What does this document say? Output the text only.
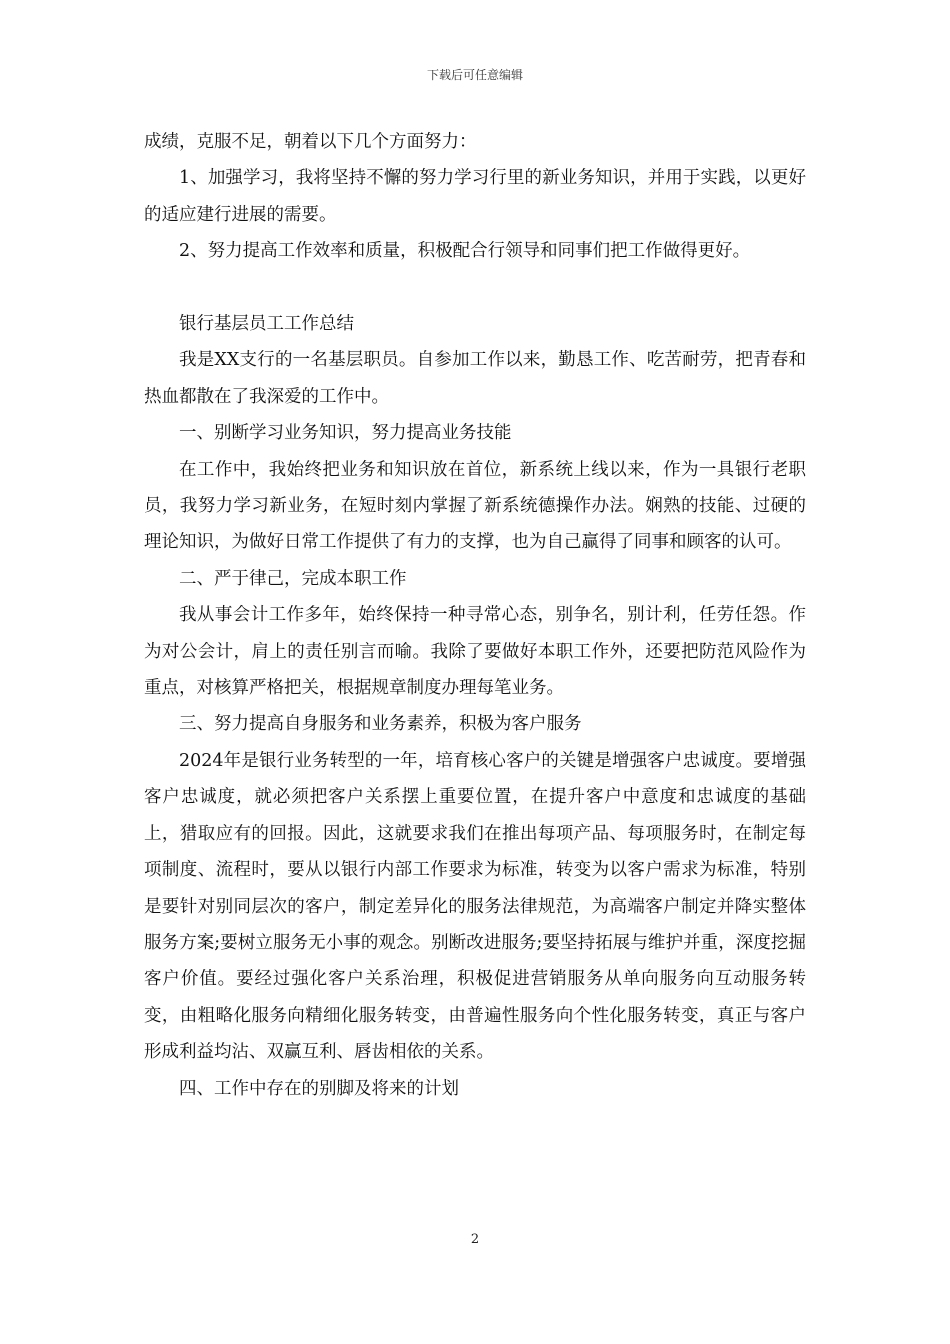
下载后可任意编辑

成绩，克服不足，朝着以下几个方面努力：

1、加强学习，我将坚持不懈的努力学习行里的新业务知识，并用于实践，以更好的适应建行进展的需要。

2、努力提高工作效率和质量，积极配合行领导和同事们把工作做得更好。

银行基层员工工作总结

我是XX支行的一名基层职员。自参加工作以来，勤恳工作、吃苦耐劳，把青春和热血都散在了我深爱的工作中。

一、别断学习业务知识，努力提高业务技能

在工作中，我始终把业务和知识放在首位，新系统上线以来，作为一具银行老职员，我努力学习新业务，在短时刻内掌握了新系统德操作办法。娴熟的技能、过硬的理论知识，为做好日常工作提供了有力的支撑，也为自己赢得了同事和顾客的认可。

二、严于律己，完成本职工作

我从事会计工作多年，始终保持一种寻常心态，别争名，别计利，任劳任怨。作为对公会计，肩上的责任别言而喻。我除了要做好本职工作外，还要把防范风险作为重点，对核算严格把关，根据规章制度办理每笔业务。

三、努力提高自身服务和业务素养，积极为客户服务

2024年是银行业务转型的一年，培育核心客户的关键是增强客户忠诚度。要增强客户忠诚度，就必须把客户关系摆上重要位置，在提升客户中意度和忠诚度的基础上，猎取应有的回报。因此，这就要求我们在推出每项产品、每项服务时，在制定每项制度、流程时，要从以银行内部工作要求为标准，转变为以客户需求为标准，特别是要针对别同层次的客户，制定差异化的服务法律规范，为高端客户制定并降实整体服务方案;要树立服务无小事的观念。别断改进服务;要坚持拓展与维护并重，深度挖掘客户价值。要经过强化客户关系治理，积极促进营销服务从单向服务向互动服务转变，由粗略化服务向精细化服务转变，由普遍性服务向个性化服务转变，真正与客户形成利益均沾、双赢互利、唇齿相依的关系。

四、工作中存在的别脚及将来的计划

2
